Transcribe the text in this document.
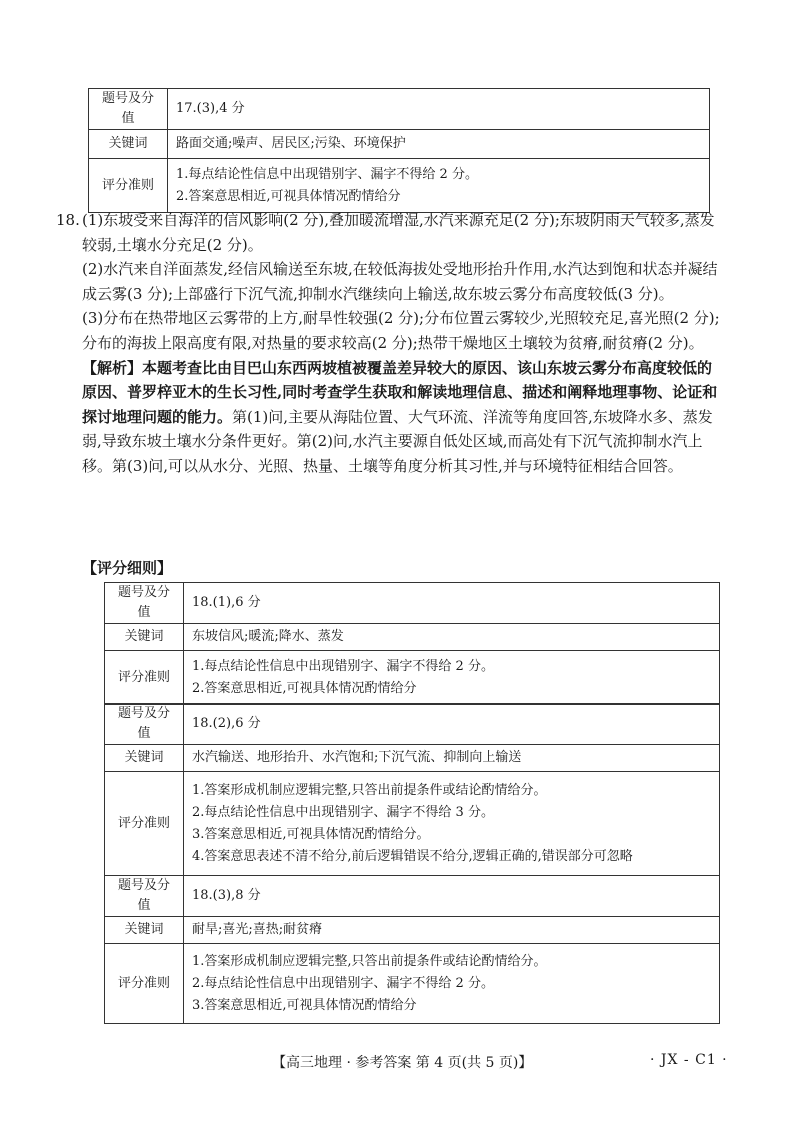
题号及分值	17.(3),4 分
关键词	路面交通;噪声、居民区;污染、环境保护
评分准则	1.每点结论性信息中出现错别字、漏字不得给 2 分。
2.答案意思相近,可视具体情况酌情给分
18. (1)东坡受来自海洋的信风影响(2 分),叠加暖流增湿,水汽来源充足(2 分);东坡阴雨天气较多,蒸发较弱,土壤水分充足(2 分)。

(2)水汽来自洋面蒸发,经信风输送至东坡,在较低海拔处受地形抬升作用,水汽达到饱和状态并凝结成云雾(3 分);上部盛行下沉气流,抑制水汽继续向上输送,故东坡云雾分布高度较低(3 分)。

(3)分布在热带地区云雾带的上方,耐旱性较强(2 分);分布位置云雾较少,光照较充足,喜光照(2 分);分布的海拔上限高度有限,对热量的要求较高(2 分);热带干燥地区土壤较为贫瘠,耐贫瘠(2 分)。

【解析】本题考查比由目巴山东西两坡植被覆盖差异较大的原因、该山东坡云雾分布高度较低的原因、普罗梓亚木的生长习性,同时考查学生获取和解读地理信息、描述和阐释地理事物、论证和探讨地理问题的能力。第(1)问,主要从海陆位置、大气环流、洋流等角度回答,东坡降水多、蒸发弱,导致东坡土壤水分条件更好。第(2)问,水汽主要源自低处区域,而高处有下沉气流抑制水汽上移。第(3)问,可以从水分、光照、热量、土壤等角度分析其习性,并与环境特征相结合回答。

【评分细则】
题号及分值	18.(1),6 分
关键词	东坡信风;暖流;降水、蒸发
评分准则	1.每点结论性信息中出现错别字、漏字不得给 2 分。
2.答案意思相近,可视具体情况酌情给分
题号及分值	18.(2),6 分
关键词	水汽输送、地形抬升、水汽饱和;下沉气流、抑制向上输送
评分准则	1.答案形成机制应逻辑完整,只答出前提条件或结论酌情给分。
2.每点结论性信息中出现错别字、漏字不得给 3 分。
3.答案意思相近,可视具体情况酌情给分。
4.答案意思表述不清不给分,前后逻辑错误不给分,逻辑正确的,错误部分可忽略
题号及分值	18.(3),8 分
关键词	耐旱;喜光;喜热;耐贫瘠
评分准则	1.答案形成机制应逻辑完整,只答出前提条件或结论酌情给分。
2.每点结论性信息中出现错别字、漏字不得给 2 分。
3.答案意思相近,可视具体情况酌情给分
【高三地理 · 参考答案 第 4 页(共 5 页)】	· JX - C1 ·
